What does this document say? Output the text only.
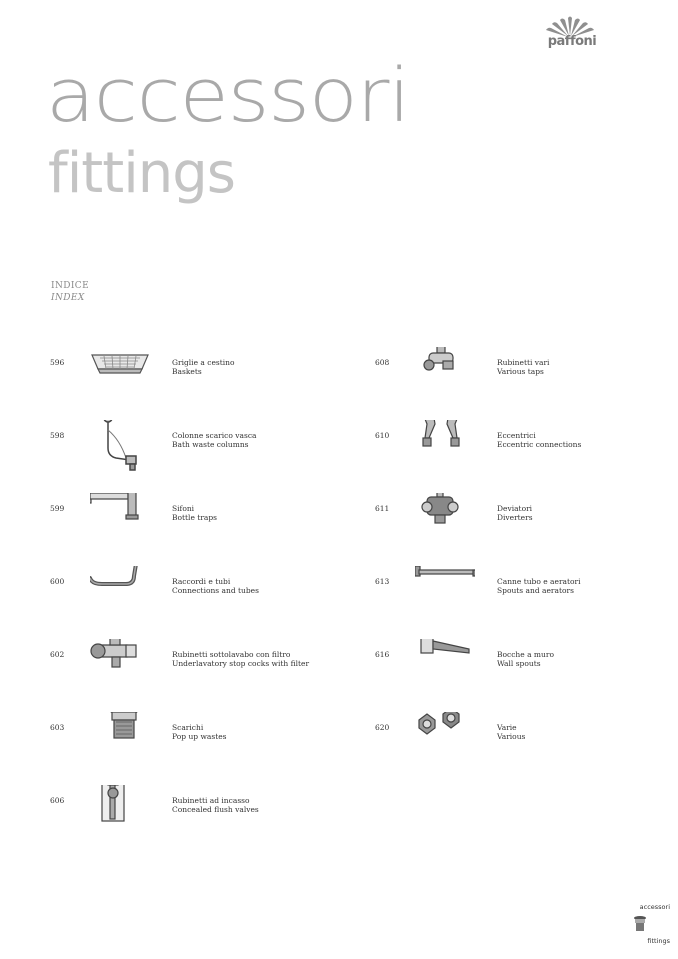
paffoni
accessori
fittings
INDICE
INDEX
596	Griglie a cestino
Baskets
598	Colonne scarico vasca
Bath waste columns
599	Sifoni
Bottle traps
600	Raccordi e tubi
Connections and tubes
602	Rubinetti sottolavabo con filtro
Underlavatory stop cocks with filter
603	Scarichi
Pop up wastes
606	Rubinetti ad incasso
Concealed flush valves
608	Rubinetti vari
Various taps
610	Eccentrici
Eccentric connections
611	Deviatori
Diverters
613	Canne tubo e aeratori
Spouts and aerators
616	Bocche a muro
Wall spouts
620	Varie
Various
accessori
fittings
